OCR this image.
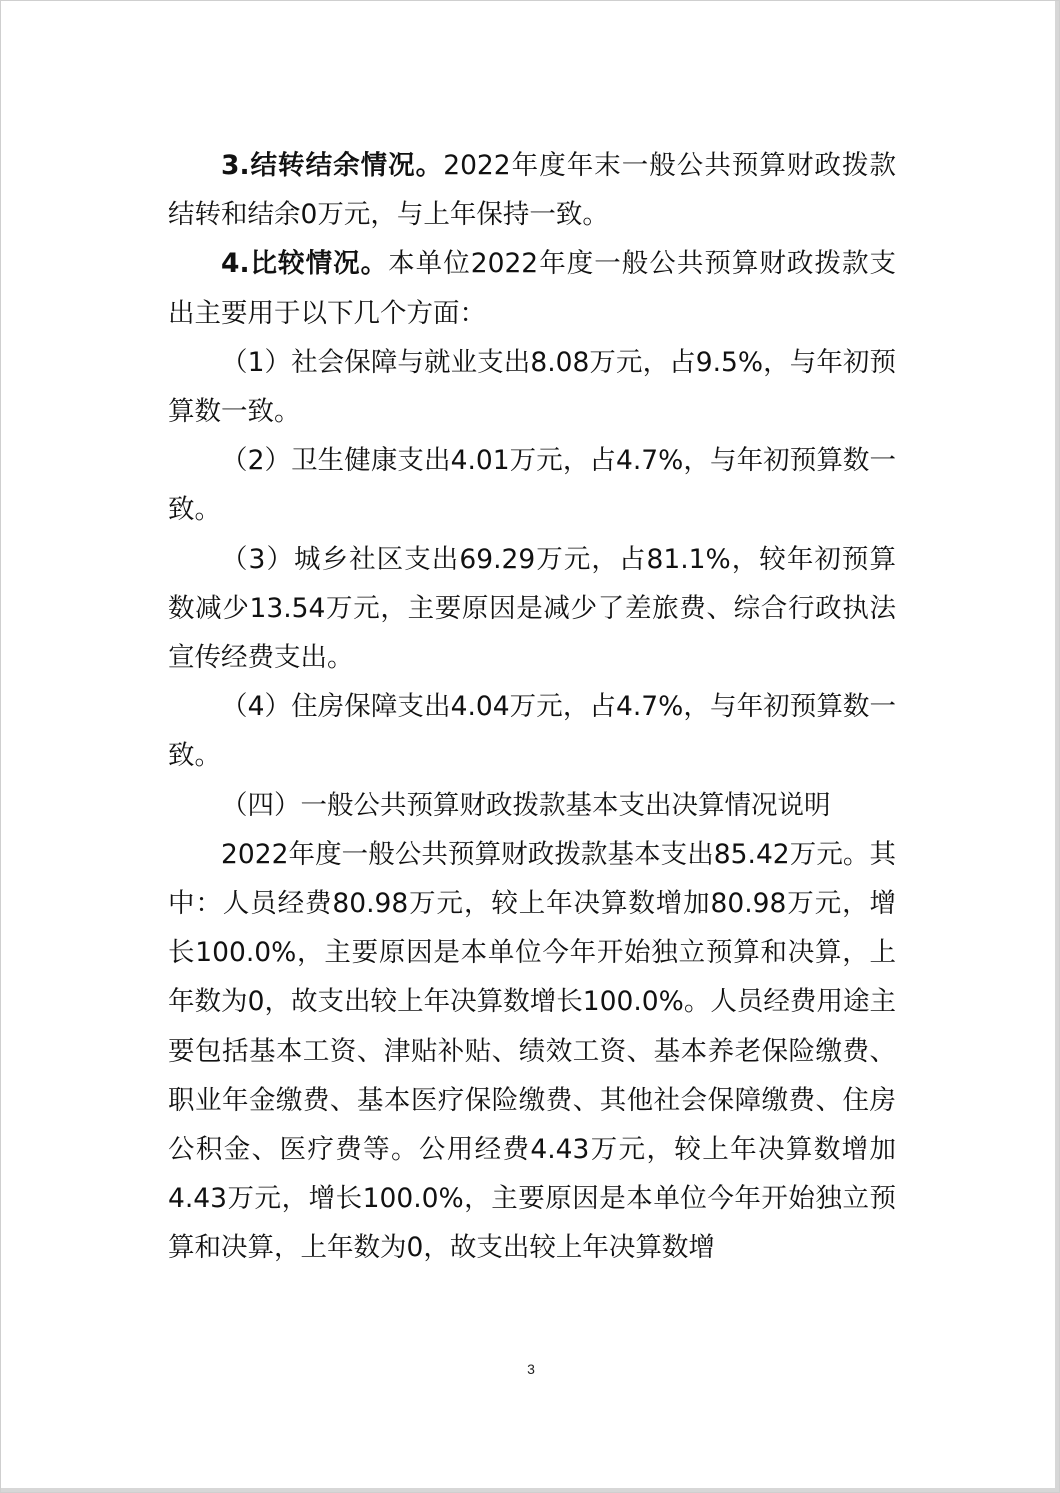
3.结转结余情况。2022年度年末一般公共预算财政拨款结转和结余0万元，与上年保持一致。

4.比较情况。本单位2022年度一般公共预算财政拨款支出主要用于以下几个方面：

（1）社会保障与就业支出8.08万元，占9.5%，与年初预算数一致。

（2）卫生健康支出4.01万元，占4.7%，与年初预算数一致。

（3）城乡社区支出69.29万元，占81.1%，较年初预算数减少13.54万元，主要原因是减少了差旅费、综合行政执法宣传经费支出。

（4）住房保障支出4.04万元，占4.7%，与年初预算数一致。

（四）一般公共预算财政拨款基本支出决算情况说明

2022年度一般公共预算财政拨款基本支出85.42万元。其中：人员经费80.98万元，较上年决算数增加80.98万元，增长100.0%，主要原因是本单位今年开始独立预算和决算，上年数为0，故支出较上年决算数增长100.0%。人员经费用途主要包括基本工资、津贴补贴、绩效工资、基本养老保险缴费、职业年金缴费、基本医疗保险缴费、其他社会保障缴费、住房公积金、医疗费等。公用经费4.43万元，较上年决算数增加4.43万元，增长100.0%，主要原因是本单位今年开始独立预算和决算，上年数为0，故支出较上年决算数增

3
